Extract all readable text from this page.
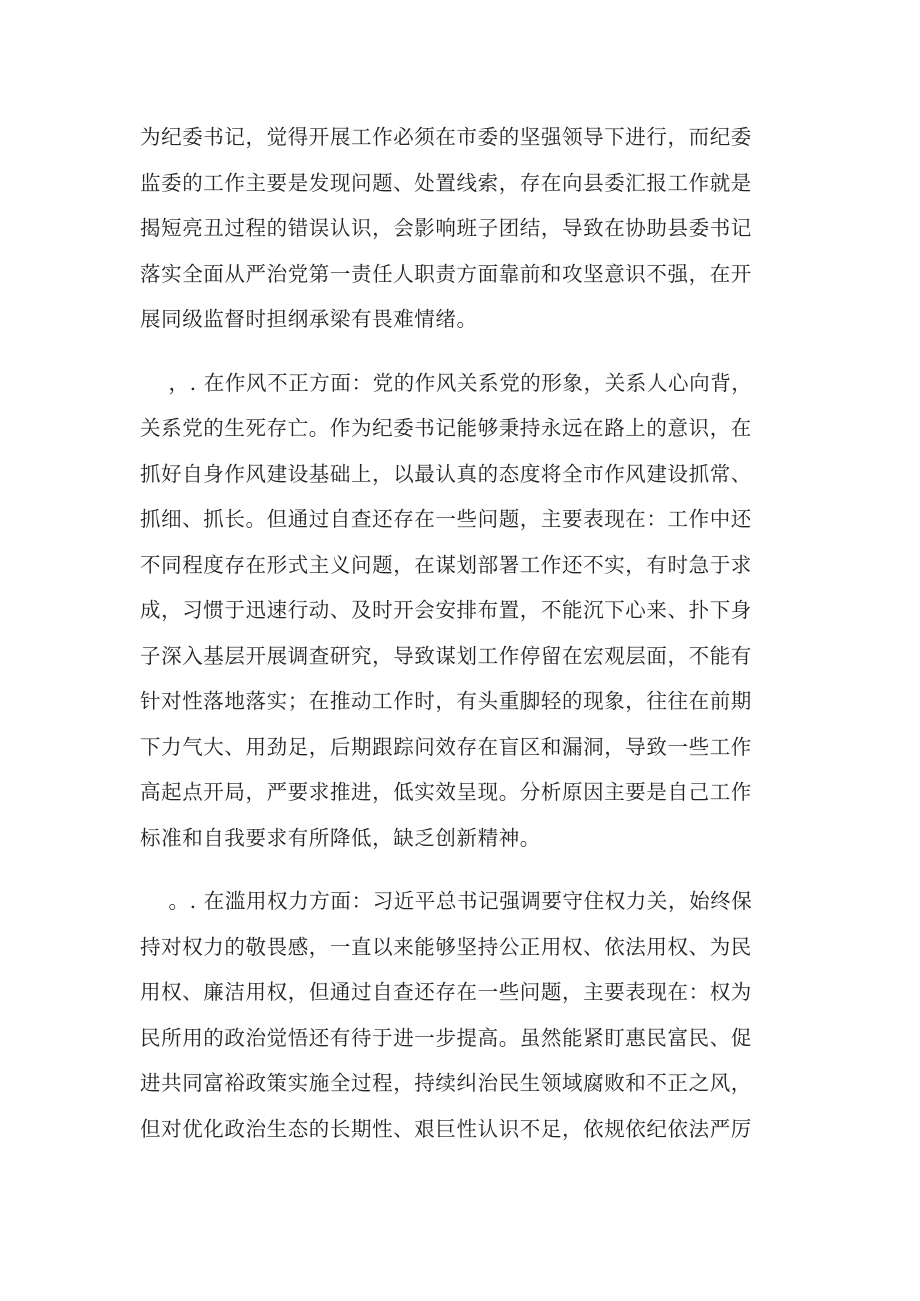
为纪委书记，觉得开展工作必须在市委的坚强领导下进行，而纪委
监委的工作主要是发现问题、处置线索，存在向县委汇报工作就是
揭短亮丑过程的错误认识，会影响班子团结，导致在协助县委书记
落实全面从严治党第一责任人职责方面靠前和攻坚意识不强，在开
展同级监督时担纲承梁有畏难情绪。
，. 在作风不正方面：党的作风关系党的形象，关系人心向背，
关系党的生死存亡。作为纪委书记能够秉持永远在路上的意识，在
抓好自身作风建设基础上，以最认真的态度将全市作风建设抓常、
抓细、抓长。但通过自查还存在一些问题，主要表现在：工作中还
不同程度存在形式主义问题，在谋划部署工作还不实，有时急于求
成，习惯于迅速行动、及时开会安排布置，不能沉下心来、扑下身
子深入基层开展调查研究，导致谋划工作停留在宏观层面，不能有
针对性落地落实；在推动工作时，有头重脚轻的现象，往往在前期
下力气大、用劲足，后期跟踪问效存在盲区和漏洞，导致一些工作
高起点开局，严要求推进，低实效呈现。分析原因主要是自己工作
标准和自我要求有所降低，缺乏创新精神。
。. 在滥用权力方面：习近平总书记强调要守住权力关，始终保
持对权力的敬畏感，一直以来能够坚持公正用权、依法用权、为民
用权、廉洁用权，但通过自查还存在一些问题，主要表现在：权为
民所用的政治觉悟还有待于进一步提高。虽然能紧盯惠民富民、促
进共同富裕政策实施全过程，持续纠治民生领域腐败和不正之风，
但对优化政治生态的长期性、艰巨性认识不足，依规依纪依法严厉
